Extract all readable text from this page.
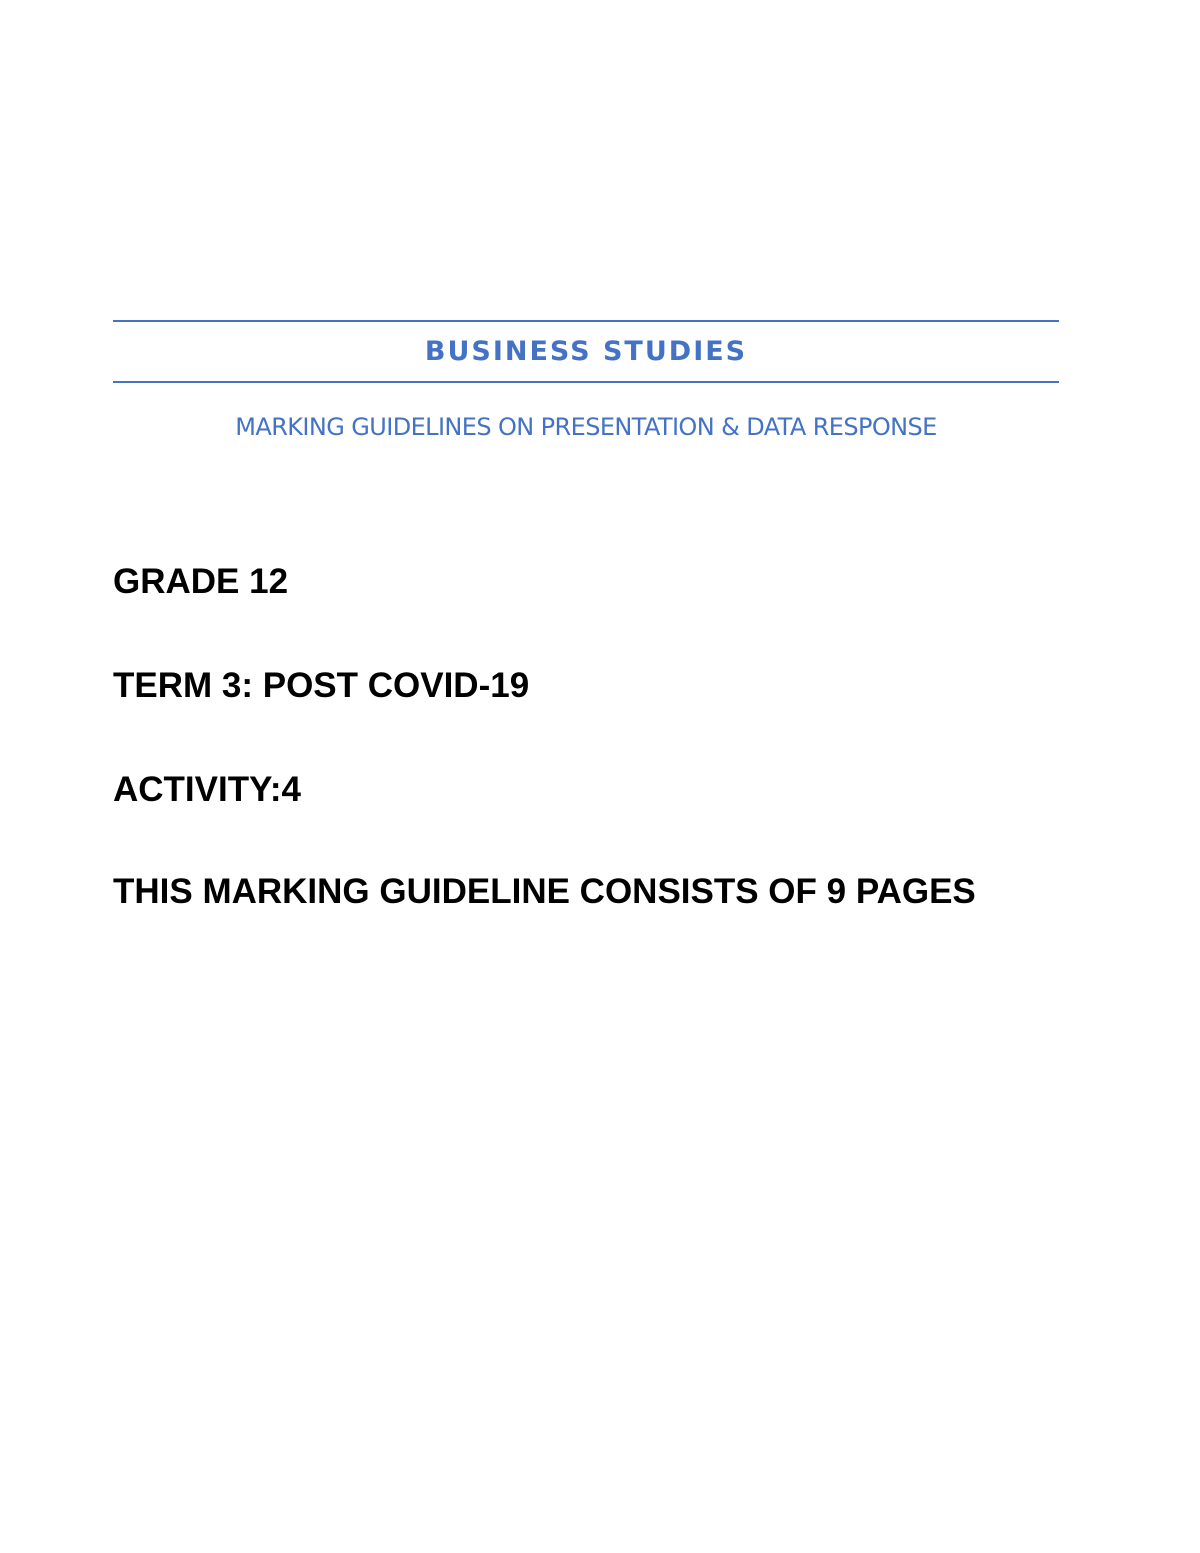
BUSINESS STUDIES
MARKING GUIDELINES ON PRESENTATION & DATA RESPONSE
GRADE 12
TERM 3: POST COVID-19
ACTIVITY:4
THIS MARKING GUIDELINE CONSISTS OF 9 PAGES
